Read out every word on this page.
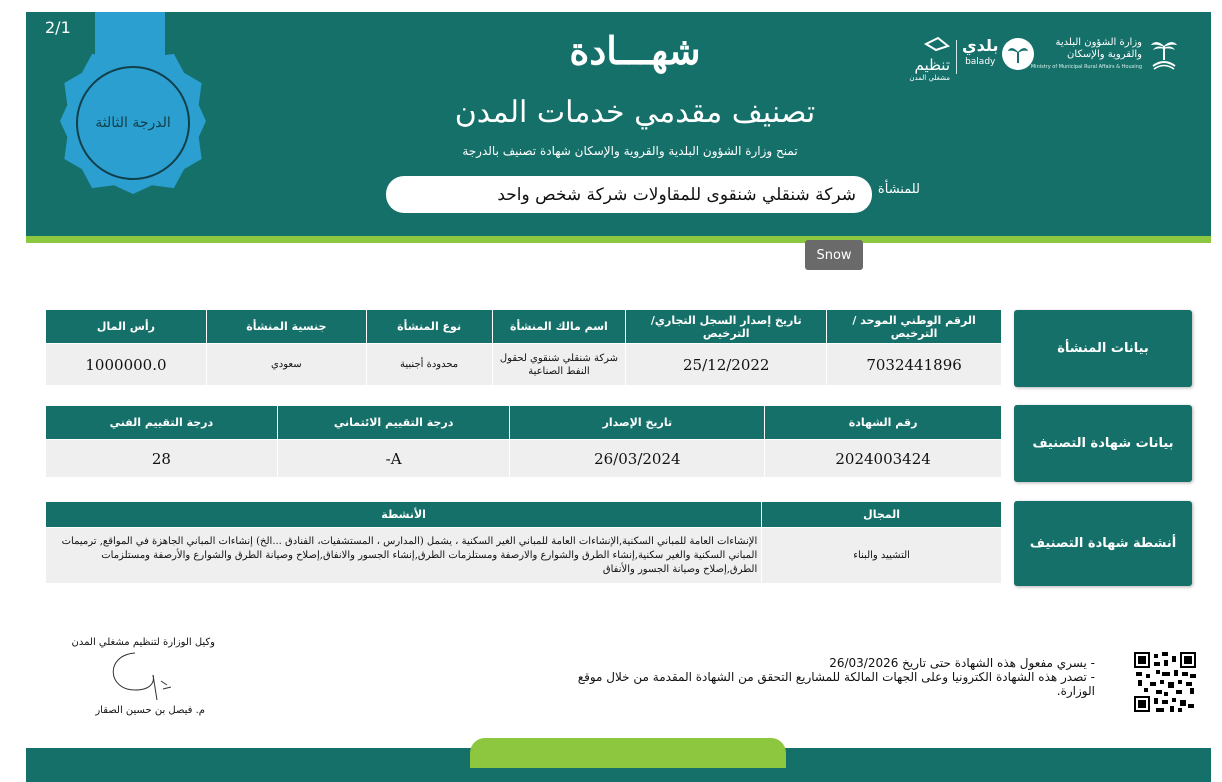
2/1
الدرجة الثالثة
شهـــادة
تصنيف مقدمي خدمات المدن
تمنح وزارة الشؤون البلدية والقروية والإسكان شهادة تصنيف بالدرجة
للمنشأة
شركة شنقلي شنقوى للمقاولات شركة شخص واحد
وزارة الشؤون البلدية
والقروية والإسكان
Ministry of Municipal Rural Affairs & Housing
بلدي
balady
تنظيم
مشغلي المدن
Snow
بيانات المنشأة
الرقم الوطني الموحد /الترخيص	تاريخ إصدار السجل التجاري/ الترخيص	اسم مالك المنشأة	نوع المنشأة	جنسية المنشأة	رأس المال
7032441896	25/12/2022	شركة شنقلي شنقوي لحقول النفط الصناعية	محدودة أجنبية	سعودي	1000000.0
بيانات شهادة التصنيف
رقم الشهادة	تاريخ الإصدار	درجة التقييم الائتماني	درجة التقييم الفني
2024003424	26/03/2024	A-	28
أنشطة شهادة التصنيف
المجال	الأنشطة
التشييد والبناء	الإنشاءات العامة للمباني السكنية,الإنشاءات العامة للمباني الغير السكنية ، يشمل (المدارس ، المستشفيات، الفنادق ...الخ) إنشاءات المباني الجاهزة في المواقع, ترميمات المباني السكنية والغير سكنية,إنشاء الطرق والشوارع والارصفة ومستلزمات الطرق,إنشاء الجسور والانفاق,إصلاح وصيانة الطرق والشوارع والأرصفة ومستلزمات الطرق,إصلاح وصيانة الجسور والأنفاق
وكيل الوزارة لتنظيم مشغلي المدن
م. فيصل بن حسين الصقار
- يسري مفعول هذه الشهادة حتى تاريخ 26/03/2026
- تصدر هذه الشهادة الكترونيا وعلى الجهات المالكة للمشاريع التحقق من الشهادة المقدمة من خلال موقع الوزارة.
